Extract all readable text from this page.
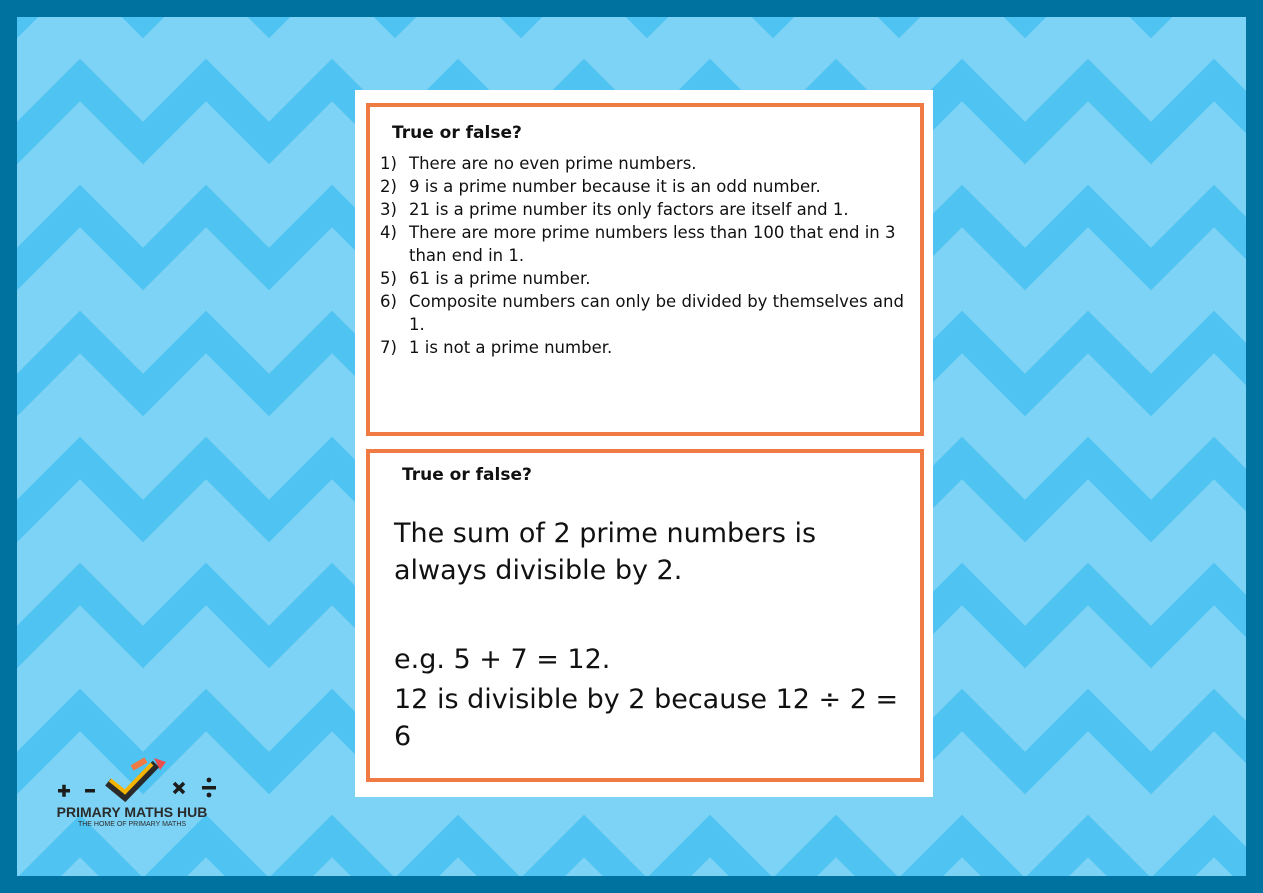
True or false?
1) There are no even prime numbers.
2) 9 is a prime number because it is an odd number.
3) 21 is a prime number its only factors are itself and 1.
4) There are more prime numbers less than 100 that end in 3 than end in 1.
5) 61 is a prime number.
6) Composite numbers can only be divided by themselves and 1.
7) 1 is not a prime number.
True or false?

The sum of 2 prime numbers is always divisible by 2.

e.g. 5 + 7 = 12.

12 is divisible by 2 because 12 ÷ 2 = 6

PRIMARY MATHS HUB
THE HOME OF PRIMARY MATHS
